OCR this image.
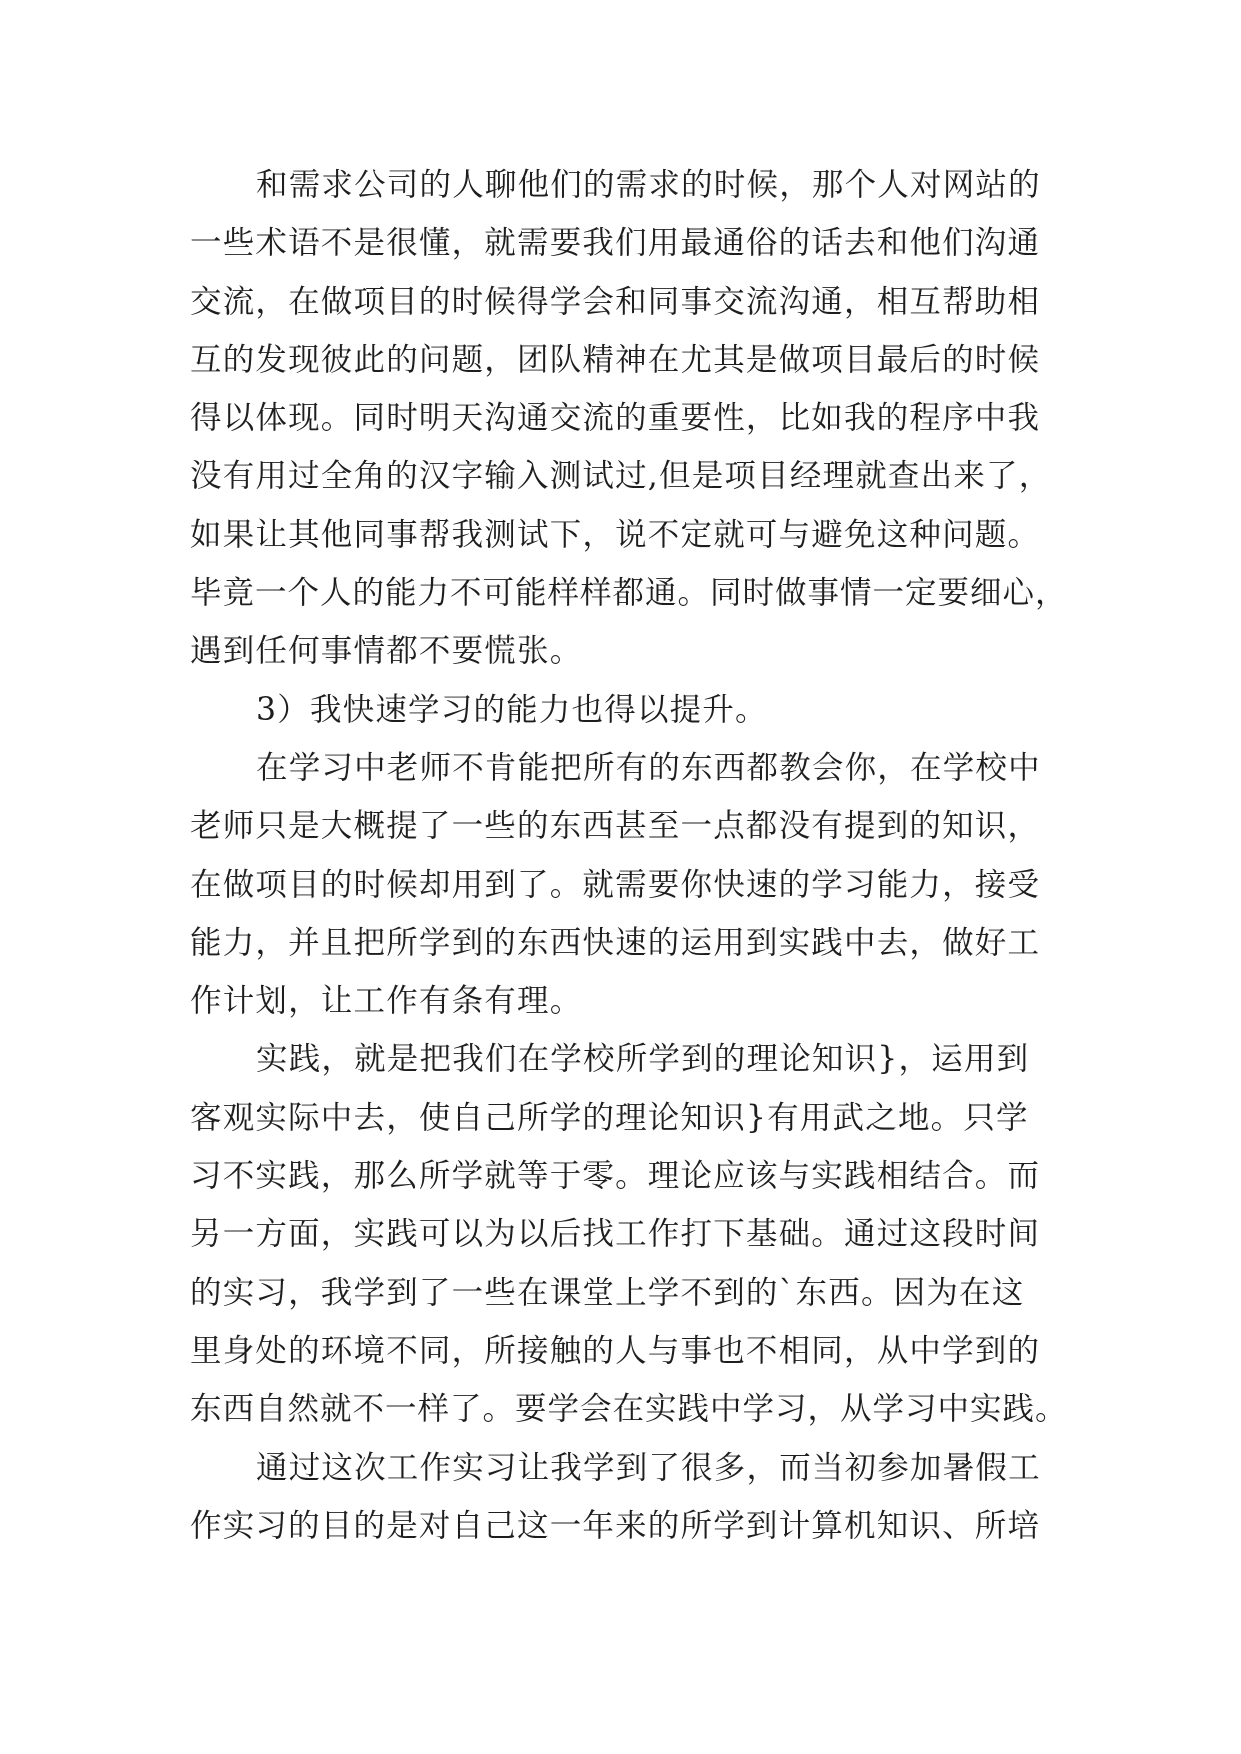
和需求公司的人聊他们的需求的时候，那个人对网站的
一些术语不是很懂，就需要我们用最通俗的话去和他们沟通
交流，在做项目的时候得学会和同事交流沟通，相互帮助相
互的发现彼此的问题，团队精神在尤其是做项目最后的时候
得以体现。同时明天沟通交流的重要性，比如我的程序中我
没有用过全角的汉字输入测试过,但是项目经理就查出来了，
如果让其他同事帮我测试下，说不定就可与避免这种问题。
毕竟一个人的能力不可能样样都通。同时做事情一定要细心，
遇到任何事情都不要慌张。
3）我快速学习的能力也得以提升。
在学习中老师不肯能把所有的东西都教会你，在学校中
老师只是大概提了一些的东西甚至一点都没有提到的知识，
在做项目的时候却用到了。就需要你快速的学习能力，接受
能力，并且把所学到的东西快速的运用到实践中去，做好工
作计划，让工作有条有理。
实践，就是把我们在学校所学到的理论知识}，运用到
客观实际中去，使自己所学的理论知识}有用武之地。只学
习不实践，那么所学就等于零。理论应该与实践相结合。而
另一方面，实践可以为以后找工作打下基础。通过这段时间
的实习，我学到了一些在课堂上学不到的`东西。因为在这
里身处的环境不同，所接触的人与事也不相同，从中学到的
东西自然就不一样了。要学会在实践中学习，从学习中实践。
通过这次工作实习让我学到了很多，而当初参加暑假工
作实习的目的是对自己这一年来的所学到计算机知识、所培
